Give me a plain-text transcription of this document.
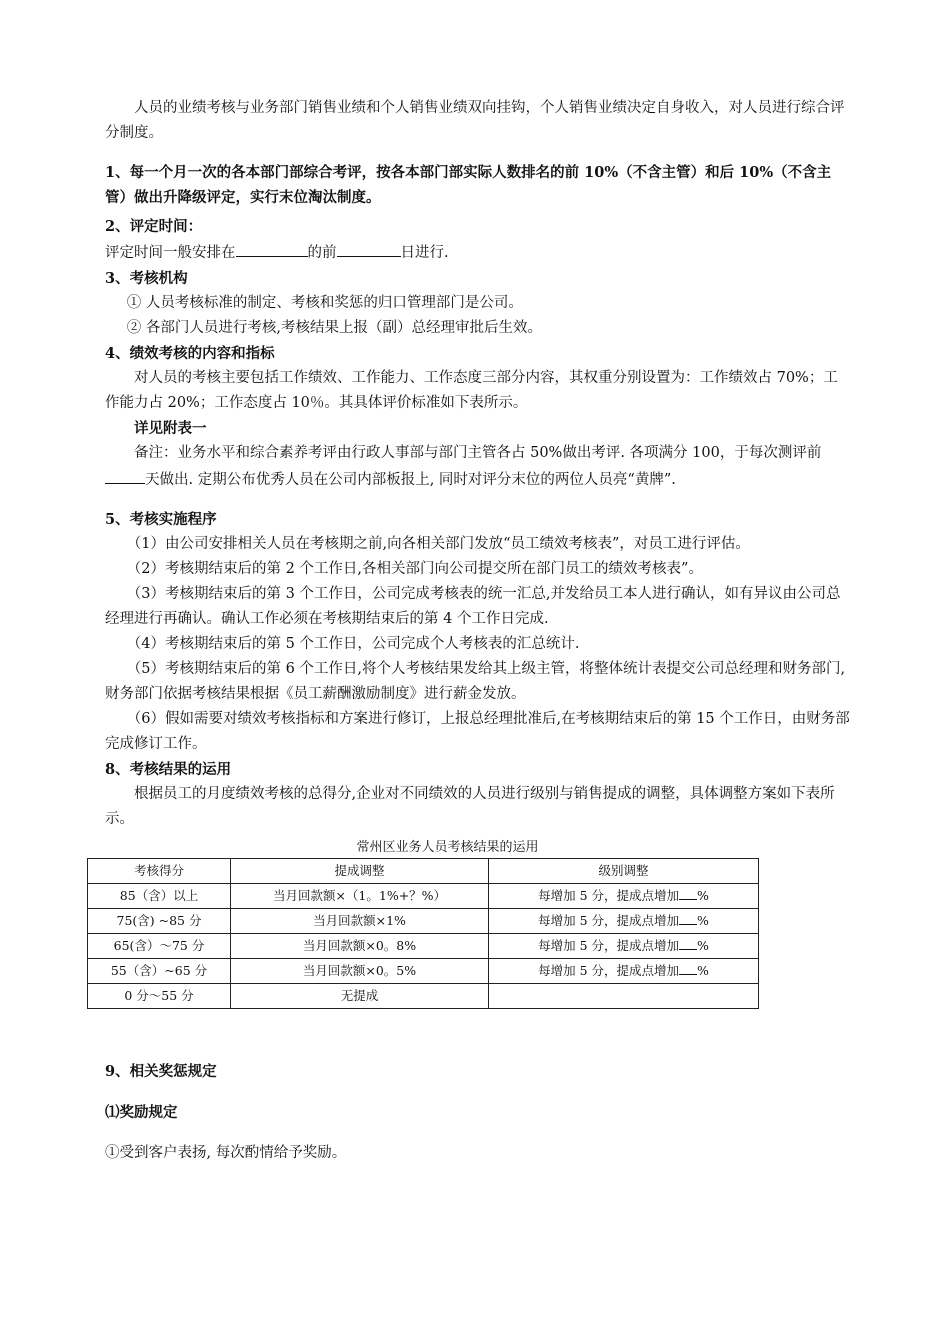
人员的业绩考核与业务部门销售业绩和个人销售业绩双向挂钩，个人销售业绩决定自身收入，对人员进行综合评分制度。

1、每一个月一次的各本部门部综合考评，按各本部门部实际人数排名的前 10%（不含主管）和后 10%（不含主管）做出升降级评定，实行末位淘汰制度。

2、评定时间：

评定时间一般安排在	的前	日进行.

3、考核机构

① 人员考核标准的制定、考核和奖惩的归口管理部门是公司。

② 各部门人员进行考核,考核结果上报（副）总经理审批后生效。

4、绩效考核的内容和指标

对人员的考核主要包括工作绩效、工作能力、工作态度三部分内容，其权重分别设置为：工作绩效占 70%；工作能力占 20%；工作态度占 10％。其具体评价标准如下表所示。

详见附表一

备注：业务水平和综合素养考评由行政人事部与部门主管各占 50%做出考评. 各项满分 100，于每次测评前天做出. 定期公布优秀人员在公司内部板报上, 同时对评分末位的两位人员亮“黄牌”.

5、考核实施程序

（1）由公司安排相关人员在考核期之前,向各相关部门发放“员工绩效考核表”，对员工进行评估。

（2）考核期结束后的第 2 个工作日,各相关部门向公司提交所在部门员工的绩效考核表”。

（3）考核期结束后的第 3 个工作日，公司完成考核表的统一汇总,并发给员工本人进行确认，如有异议由公司总经理进行再确认。确认工作必须在考核期结束后的第 4 个工作日完成.

（4）考核期结束后的第 5 个工作日，公司完成个人考核表的汇总统计.

（5）考核期结束后的第 6 个工作日,将个人考核结果发给其上级主管，将整体统计表提交公司总经理和财务部门,财务部门依据考核结果根据《员工薪酬激励制度》进行薪金发放。

（6）假如需要对绩效考核指标和方案进行修订，上报总经理批准后,在考核期结束后的第 15 个工作日，由财务部完成修订工作。

8、考核结果的运用

根据员工的月度绩效考核的总得分,企业对不同绩效的人员进行级别与销售提成的调整，具体调整方案如下表所示。

常州区业务人员考核结果的运用

考核得分	提成调整	级别调整
85（含）以上	当月回款额×（1。1%+？%）	每增加 5 分，提成点增加 %
75(含) ~85 分	当月回款额×1%	每增加 5 分，提成点增加 %
65(含）～75 分	当月回款额×0。8%	每增加 5 分，提成点增加 %
55（含）~65 分	当月回款额×0。5%	每增加 5 分，提成点增加 %
0 分～55 分	无提成	

9、相关奖惩规定

⑴奖励规定

①受到客户表扬, 每次酌情给予奖励。
